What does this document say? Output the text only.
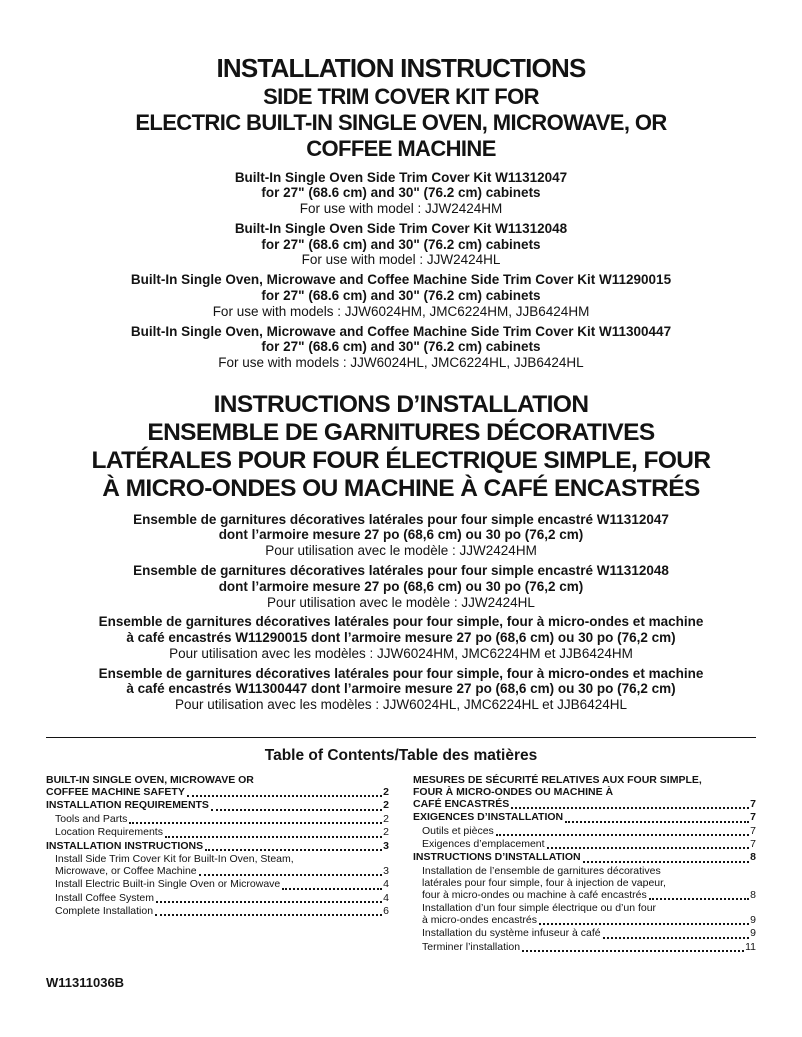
INSTALLATION INSTRUCTIONS
SIDE TRIM COVER KIT FOR
ELECTRIC BUILT-IN SINGLE OVEN, MICROWAVE, OR
COFFEE MACHINE
Built-In Single Oven Side Trim Cover Kit W11312047
for 27" (68.6 cm) and 30" (76.2 cm) cabinets
For use with model : JJW2424HM
Built-In Single Oven Side Trim Cover Kit W11312048
for 27" (68.6 cm) and 30" (76.2 cm) cabinets
For use with model : JJW2424HL
Built-In Single Oven, Microwave and Coffee Machine Side Trim Cover Kit W11290015
for 27" (68.6 cm) and 30" (76.2 cm) cabinets
For use with models : JJW6024HM, JMC6224HM, JJB6424HM
Built-In Single Oven, Microwave and Coffee Machine Side Trim Cover Kit W11300447
for 27" (68.6 cm) and 30" (76.2 cm) cabinets
For use with models : JJW6024HL, JMC6224HL, JJB6424HL
INSTRUCTIONS D’INSTALLATION
ENSEMBLE DE GARNITURES DÉCORATIVES
LATÉRALES POUR FOUR ÉLECTRIQUE SIMPLE, FOUR
À MICRO-ONDES OU MACHINE À CAFÉ ENCASTRÉS
Ensemble de garnitures décoratives latérales pour four simple encastré W11312047
dont l’armoire mesure 27 po (68,6 cm) ou 30 po (76,2 cm)
Pour utilisation avec le modèle : JJW2424HM
Ensemble de garnitures décoratives latérales pour four simple encastré W11312048
dont l’armoire mesure 27 po (68,6 cm) ou 30 po (76,2 cm)
Pour utilisation avec le modèle : JJW2424HL
Ensemble de garnitures décoratives latérales pour four simple, four à micro-ondes et machine
à café encastrés W11290015 dont l’armoire mesure 27 po (68,6 cm) ou 30 po (76,2 cm)
Pour utilisation avec les modèles : JJW6024HM, JMC6224HM et JJB6424HM
Ensemble de garnitures décoratives latérales pour four simple, four à micro-ondes et machine
à café encastrés W11300447 dont l’armoire mesure 27 po (68,6 cm) ou 30 po (76,2 cm)
Pour utilisation avec les modèles : JJW6024HL, JMC6224HL et JJB6424HL
Table of Contents/Table des matières
BUILT-IN SINGLE OVEN, MICROWAVE OR
COFFEE MACHINE SAFETY	2
INSTALLATION REQUIREMENTS	2
Tools and Parts	2
Location Requirements	2
INSTALLATION INSTRUCTIONS	3
Install Side Trim Cover Kit for Built-In Oven, Steam,
Microwave, or Coffee Machine	3
Install Electric Built-in Single Oven or Microwave	4
Install Coffee System	4
Complete Installation	6
MESURES DE SÉCURITÉ RELATIVES AUX FOUR SIMPLE,
FOUR À MICRO-ONDES OU MACHINE À
CAFÉ ENCASTRÉS	7
EXIGENCES D’INSTALLATION	7
Outils et pièces	7
Exigences d’emplacement	7
INSTRUCTIONS D’INSTALLATION	8
Installation de l’ensemble de garnitures décoratives
latérales pour four simple, four à injection de vapeur,
four à micro-ondes ou machine à café encastrés	8
Installation d’un four simple électrique ou d’un four
à micro-ondes encastrés	9
Installation du système infuseur à café	9
Terminer l’installation	11
W11311036B
